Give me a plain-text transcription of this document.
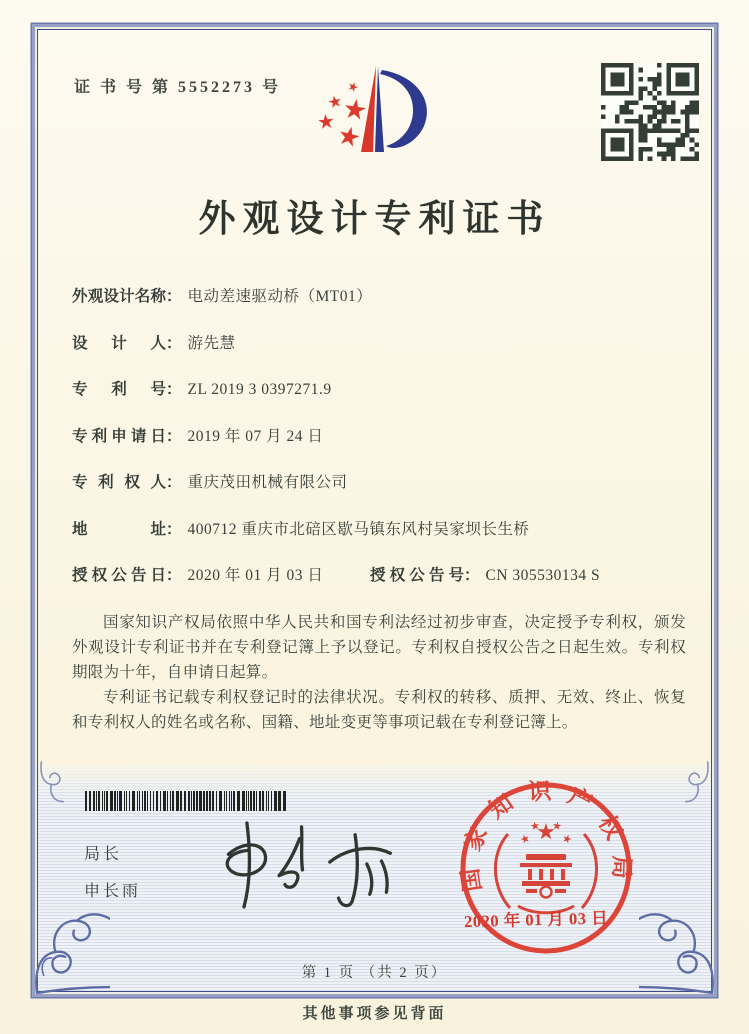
证 书 号 第 5552273 号
外观设计专利证书
外观设计名称： 电动差速驱动桥（MT01）
设计人： 游先慧
专利号： ZL 2019 3 0397271.9
专利申请日： 2019 年 07 月 24 日
专利权人： 重庆茂田机械有限公司
地址： 400712 重庆市北碚区歇马镇东风村吴家坝长生桥
授权公告日： 2020 年 01 月 03 日	授权公告号： CN 305530134 S

国家知识产权局依照中华人民共和国专利法经过初步审查，决定授予专利权，颁发外观设计专利证书并在专利登记簿上予以登记。专利权自授权公告之日起生效。专利权期限为十年，自申请日起算。

专利证书记载专利权登记时的法律状况。专利权的转移、质押、无效、终止、恢复和专利权人的姓名或名称、国籍、地址变更等事项记载在专利登记簿上。

局长
申长雨	国家知识产权局
2020 年 01 月 03 日
第 1 页 （共 2 页）
其他事项参见背面
